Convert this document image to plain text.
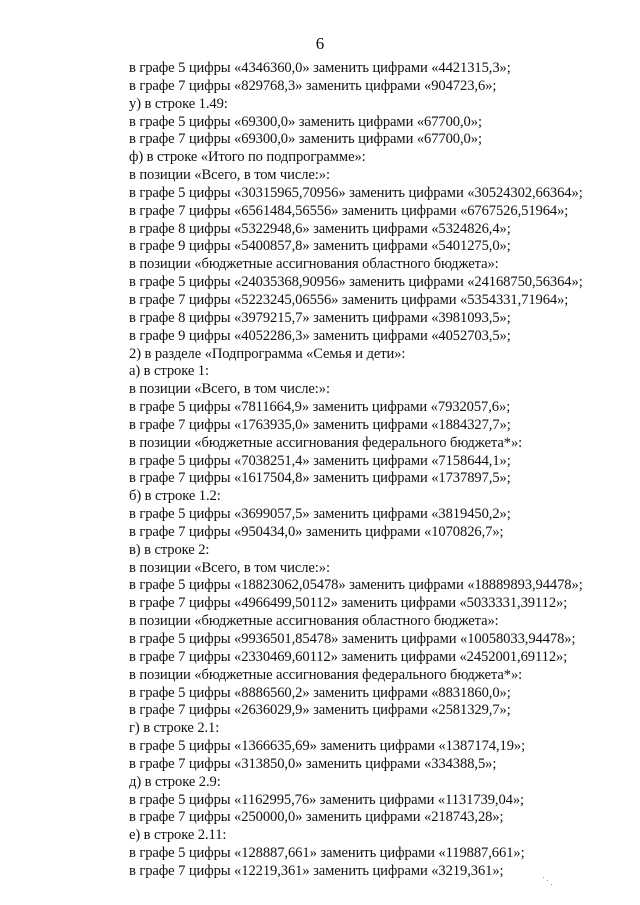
6
в графе 5 цифры «4346360,0» заменить цифрами «4421315,3»;
в графе 7 цифры «829768,3» заменить цифрами «904723,6»;
у) в строке 1.49:
в графе 5 цифры «69300,0» заменить цифрами «67700,0»;
в графе 7 цифры «69300,0» заменить цифрами «67700,0»;
ф) в строке «Итого по подпрограмме»:
в позиции «Всего, в том числе:»:
в графе 5 цифры «30315965,70956» заменить цифрами «30524302,66364»;
в графе 7 цифры «6561484,56556» заменить цифрами «6767526,51964»;
в графе 8 цифры «5322948,6» заменить цифрами «5324826,4»;
в графе 9 цифры «5400857,8» заменить цифрами «5401275,0»;
в позиции «бюджетные ассигнования областного бюджета»:
в графе 5 цифры «24035368,90956» заменить цифрами «24168750,56364»;
в графе 7 цифры «5223245,06556» заменить цифрами «5354331,71964»;
в графе 8 цифры «3979215,7» заменить цифрами «3981093,5»;
в графе 9 цифры «4052286,3» заменить цифрами «4052703,5»;
2) в разделе «Подпрограмма «Семья и дети»:
а) в строке 1:
в позиции «Всего, в том числе:»:
в графе 5 цифры «7811664,9» заменить цифрами «7932057,6»;
в графе 7 цифры «1763935,0» заменить цифрами «1884327,7»;
в позиции «бюджетные ассигнования федерального бюджета*»:
в графе 5 цифры «7038251,4» заменить цифрами «7158644,1»;
в графе 7 цифры «1617504,8» заменить цифрами «1737897,5»;
б) в строке 1.2:
в графе 5 цифры «3699057,5» заменить цифрами «3819450,2»;
в графе 7 цифры «950434,0» заменить цифрами «1070826,7»;
в) в строке 2:
в позиции «Всего, в том числе:»:
в графе 5 цифры «18823062,05478» заменить цифрами «18889893,94478»;
в графе 7 цифры «4966499,50112» заменить цифрами «5033331,39112»;
в позиции «бюджетные ассигнования областного бюджета»:
в графе 5 цифры «9936501,85478» заменить цифрами «10058033,94478»;
в графе 7 цифры «2330469,60112» заменить цифрами «2452001,69112»;
в позиции «бюджетные ассигнования федерального бюджета*»:
в графе 5 цифры «8886560,2» заменить цифрами «8831860,0»;
в графе 7 цифры «2636029,9» заменить цифрами «2581329,7»;
г) в строке 2.1:
в графе 5 цифры «1366635,69» заменить цифрами «1387174,19»;
в графе 7 цифры «313850,0» заменить цифрами «334388,5»;
д) в строке 2.9:
в графе 5 цифры «1162995,76» заменить цифрами «1131739,04»;
в графе 7 цифры «250000,0» заменить цифрами «218743,28»;
е) в строке 2.11:
в графе 5 цифры «128887,661» заменить цифрами «119887,661»;
в графе 7 цифры «12219,361» заменить цифрами «3219,361»;
